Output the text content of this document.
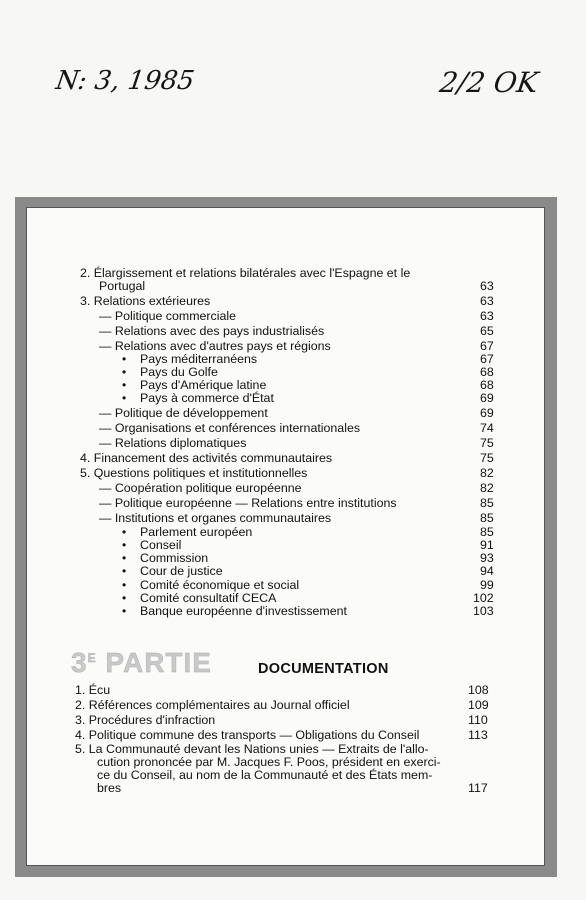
N: 3, 1985	2/2 OK
2. Élargissement et relations bilatérales avec l'Espagne et le
Portugal	63
3. Relations extérieures	63
— Politique commerciale	63
— Relations avec des pays industrialisés	65
— Relations avec d'autres pays et régions	67
• Pays méditerranéens	67
• Pays du Golfe	68
• Pays d'Amérique latine	68
• Pays à commerce d'État	69
— Politique de développement	69
— Organisations et conférences internationales	74
— Relations diplomatiques	75
4. Financement des activités communautaires	75
5. Questions politiques et institutionnelles	82
— Coopération politique européenne	82
— Politique européenne — Relations entre institutions	85
— Institutions et organes communautaires	85
• Parlement européen	85
• Conseil	91
• Commission	93
• Cour de justice	94
• Comité économique et social	99
• Comité consultatif CECA	102
• Banque européenne d'investissement	103
$3^E$ PARTIE	DOCUMENTATION
1. Écu	108
2. Références complémentaires au Journal officiel	109
3. Procédures d'infraction	110
4. Politique commune des transports — Obligations du Conseil	113
5. La Communauté devant les Nations unies — Extraits de l'allo-
cution prononcée par M. Jacques F. Poos, président en exerci-
ce du Conseil, au nom de la Communauté et des États mem-
bres	117
